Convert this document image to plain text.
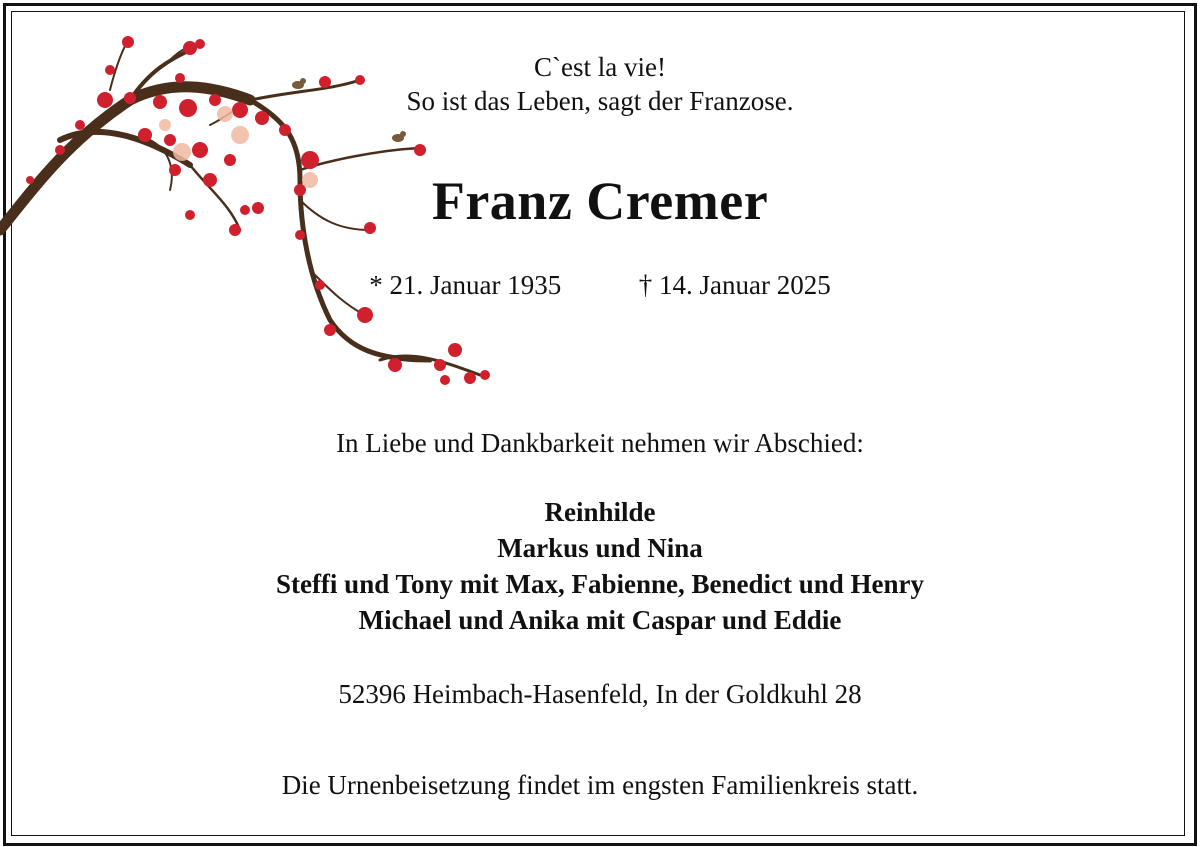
C`est la vie!
So ist das Leben, sagt der Franzose.
Franz Cremer
* 21. Januar 1935	† 14. Januar 2025
In Liebe und Dankbarkeit nehmen wir Abschied:
Reinhilde
Markus und Nina
Steffi und Tony mit Max, Fabienne, Benedict und Henry
Michael und Anika mit Caspar und Eddie
52396 Heimbach-Hasenfeld, In der Goldkuhl 28
Die Urnenbeisetzung findet im engsten Familienkreis statt.
